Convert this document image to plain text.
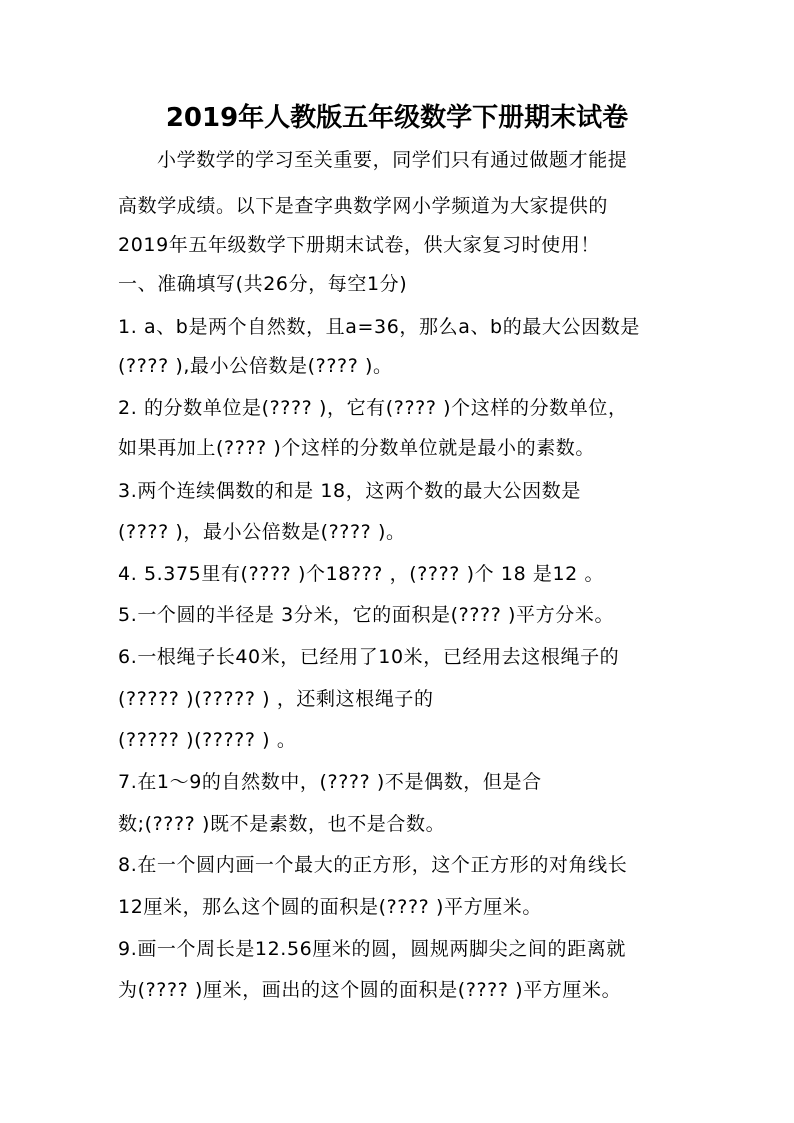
2019年人教版五年级数学下册期末试卷
小学数学的学习至关重要，同学们只有通过做题才能提
高数学成绩。以下是查字典数学网小学频道为大家提供的
2019年五年级数学下册期末试卷，供大家复习时使用！
一、准确填写(共26分，每空1分)
1. a、b是两个自然数，且a=36，那么a、b的最大公因数是
(???? ),最小公倍数是(???? )。
2. 的分数单位是(???? )，它有(???? )个这样的分数单位，
如果再加上(???? )个这样的分数单位就是最小的素数。
3.两个连续偶数的和是 18，这两个数的最大公因数是
(???? )，最小公倍数是(???? )。
4. 5.375里有(???? )个18??? ，(???? )个 18 是12 。
5.一个圆的半径是 3分米，它的面积是(???? )平方分米。
6.一根绳子长40米，已经用了10米，已经用去这根绳子的
(????? )(????? ) ，还剩这根绳子的
(????? )(????? ) 。
7.在1～9的自然数中，(???? )不是偶数，但是合
数;(???? )既不是素数，也不是合数。
8.在一个圆内画一个最大的正方形，这个正方形的对角线长
12厘米，那么这个圆的面积是(???? )平方厘米。
9.画一个周长是12.56厘米的圆，圆规两脚尖之间的距离就
为(???? )厘米，画出的这个圆的面积是(???? )平方厘米。
